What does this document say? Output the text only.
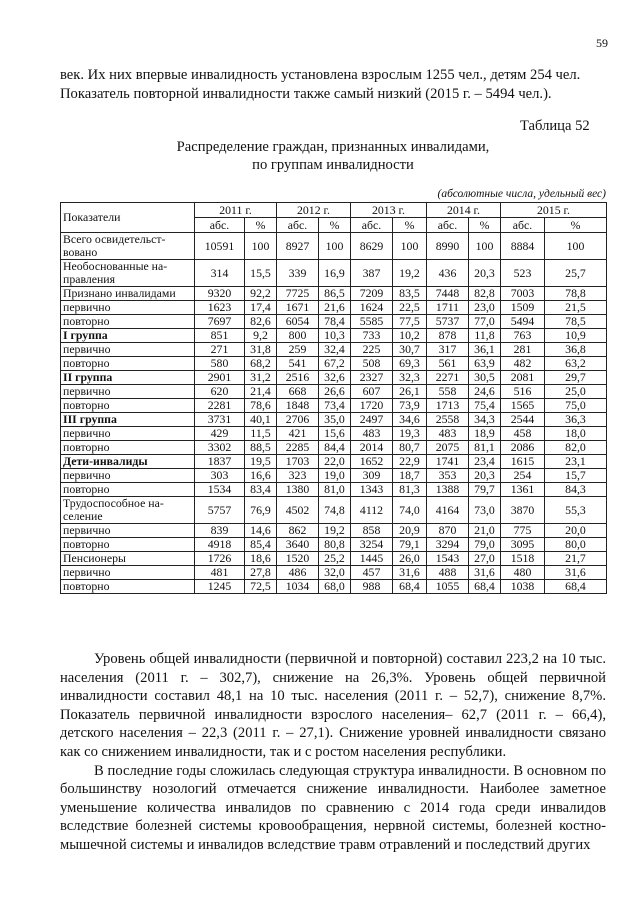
59
век. Их них впервые инвалидность установлена взрослым 1255 чел., детям 254 чел.
Показатель повторной инвалидности также самый низкий (2015 г. – 5494 чел.).
Таблица 52
Распределение граждан, признанных инвалидами,
по группам инвалидности
(абсолютные числа, удельный вес)
Показатели	2011 г.		2012 г.		2013 г.		2014 г.		2015 г.	
	абс.	%	абс.	%	абс.	%	абс.	%	абс.	%
Всего освидетельст-вовано	10591	100	8927	100	8629	100	8990	100	8884	100
Необоснованные на-правления	314	15,5	339	16,9	387	19,2	436	20,3	523	25,7
Признано инвалидами	9320	92,2	7725	86,5	7209	83,5	7448	82,8	7003	78,8
первично	1623	17,4	1671	21,6	1624	22,5	1711	23,0	1509	21,5
повторно	7697	82,6	6054	78,4	5585	77,5	5737	77,0	5494	78,5
I группа	851	9,2	800	10,3	733	10,2	878	11,8	763	10,9
первично	271	31,8	259	32,4	225	30,7	317	36,1	281	36,8
повторно	580	68,2	541	67,2	508	69,3	561	63,9	482	63,2
II группа	2901	31,2	2516	32,6	2327	32,3	2271	30,5	2081	29,7
первично	620	21,4	668	26,6	607	26,1	558	24,6	516	25,0
повторно	2281	78,6	1848	73,4	1720	73,9	1713	75,4	1565	75,0
III группа	3731	40,1	2706	35,0	2497	34,6	2558	34,3	2544	36,3
первично	429	11,5	421	15,6	483	19,3	483	18,9	458	18,0
повторно	3302	88,5	2285	84,4	2014	80,7	2075	81,1	2086	82,0
Дети-инвалиды	1837	19,5	1703	22,0	1652	22,9	1741	23,4	1615	23,1
первично	303	16,6	323	19,0	309	18,7	353	20,3	254	15,7
повторно	1534	83,4	1380	81,0	1343	81,3	1388	79,7	1361	84,3
Трудоспособное на-селение	5757	76,9	4502	74,8	4112	74,0	4164	73,0	3870	55,3
первично	839	14,6	862	19,2	858	20,9	870	21,0	775	20,0
повторно	4918	85,4	3640	80,8	3254	79,1	3294	79,0	3095	80,0
Пенсионеры	1726	18,6	1520	25,2	1445	26,0	1543	27,0	1518	21,7
первично	481	27,8	486	32,0	457	31,6	488	31,6	480	31,6
повторно	1245	72,5	1034	68,0	988	68,4	1055	68,4	1038	68,4

Уровень общей инвалидности (первичной и повторной) составил 223,2 на 10 тыс. населения (2011 г. – 302,7), снижение на 26,3%. Уровень общей первичной инвалидности составил 48,1 на 10 тыс. населения (2011 г. – 52,7), снижение 8,7%. Показатель первичной инвалидности взрослого населения– 62,7 (2011 г. – 66,4), детского населения – 22,3 (2011 г. – 27,1). Снижение уровней инвалидности связано как со снижением инвалидности, так и с ростом населения республики.

В последние годы сложилась следующая структура инвалидности. В основном по большинству нозологий отмечается снижение инвалидности. Наиболее заметное уменьшение количества инвалидов по сравнению с 2014 года среди инвалидов вследствие болезней системы кровообращения, нервной системы, болезней костно-мышечной системы и инвалидов вследствие травм отравлений и последствий других
